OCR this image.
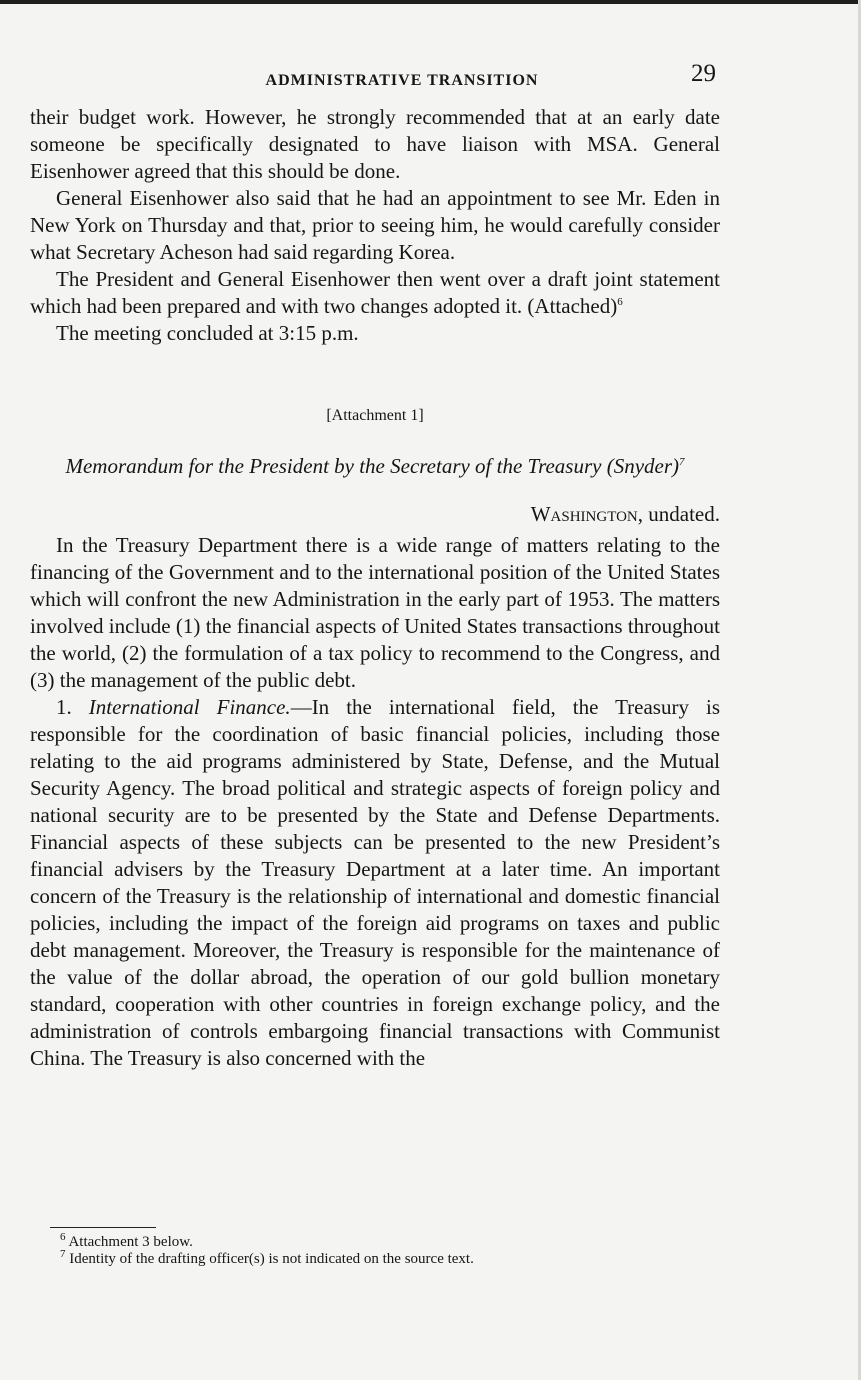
ADMINISTRATIVE TRANSITION	29

their budget work. However, he strongly recommended that at an early date someone be specifically designated to have liaison with MSA. General Eisenhower agreed that this should be done.

General Eisenhower also said that he had an appointment to see Mr. Eden in New York on Thursday and that, prior to seeing him, he would carefully consider what Secretary Acheson had said regarding Korea.

The President and General Eisenhower then went over a draft joint statement which had been prepared and with two changes adopted it. (Attached)$^6$

The meeting concluded at 3:15 p.m.

[Attachment 1]
Memorandum for the President by the Secretary of the Treasury (Snyder)$^7$
Washington, undated.

In the Treasury Department there is a wide range of matters relating to the financing of the Government and to the international position of the United States which will confront the new Administration in the early part of 1953. The matters involved include (1) the financial aspects of United States transactions throughout the world, (2) the formulation of a tax policy to recommend to the Congress, and (3) the management of the public debt.

1. International Finance.—In the international field, the Treasury is responsible for the coordination of basic financial policies, including those relating to the aid programs administered by State, Defense, and the Mutual Security Agency. The broad political and strategic aspects of foreign policy and national security are to be presented by the State and Defense Departments. Financial aspects of these subjects can be presented to the new President’s financial advisers by the Treasury Department at a later time. An important concern of the Treasury is the relationship of international and domestic financial policies, including the impact of the foreign aid programs on taxes and public debt management. Moreover, the Treasury is responsible for the maintenance of the value of the dollar abroad, the operation of our gold bullion monetary standard, cooperation with other countries in foreign exchange policy, and the administration of controls embargoing financial transactions with Communist China. The Treasury is also concerned with the

$^6$ Attachment 3 below.
$^7$ Identity of the drafting officer(s) is not indicated on the source text.
